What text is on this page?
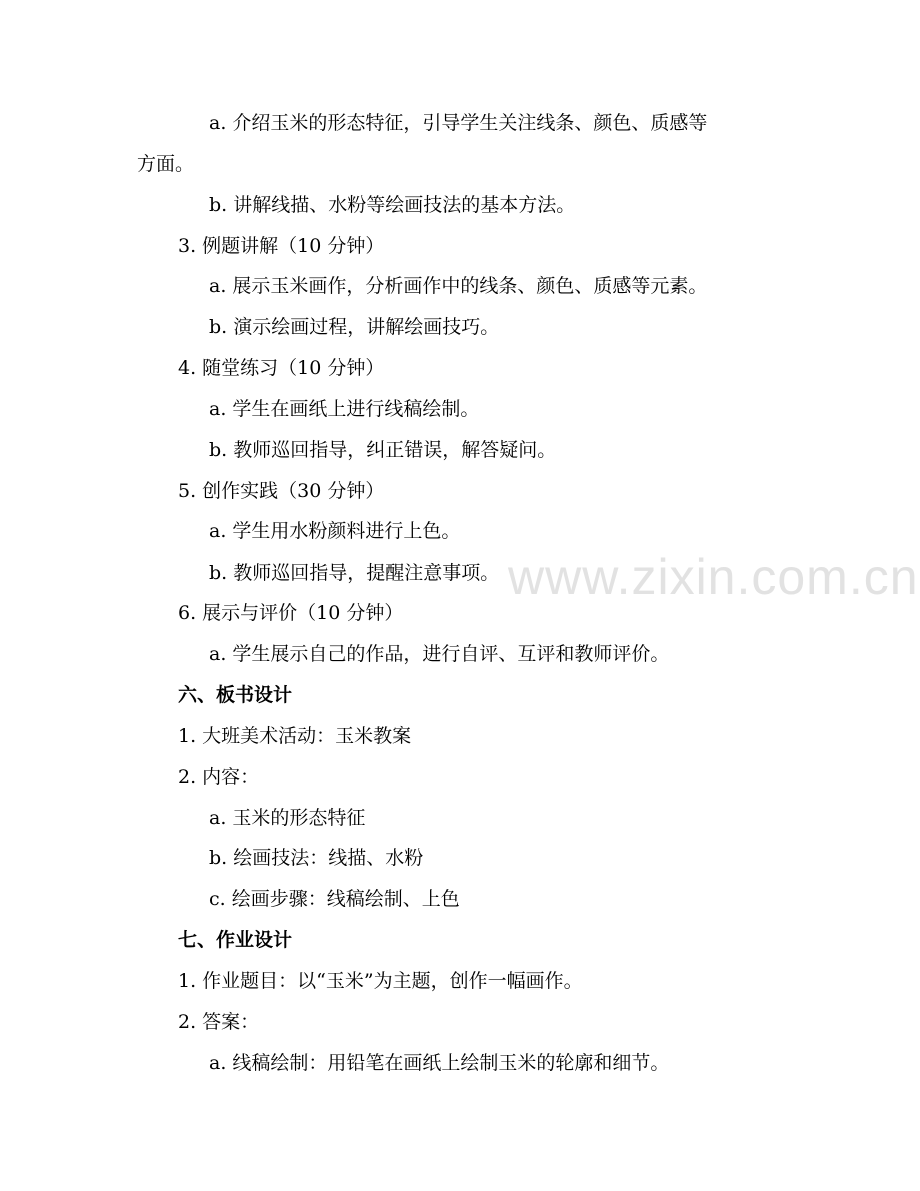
www.zixin.com.cn
a. 介绍玉米的形态特征，引导学生关注线条、颜色、质感等
方面。
b. 讲解线描、水粉等绘画技法的基本方法。
3. 例题讲解（10 分钟）
a. 展示玉米画作，分析画作中的线条、颜色、质感等元素。
b. 演示绘画过程，讲解绘画技巧。
4. 随堂练习（10 分钟）
a. 学生在画纸上进行线稿绘制。
b. 教师巡回指导，纠正错误，解答疑问。
5. 创作实践（30 分钟）
a. 学生用水粉颜料进行上色。
b. 教师巡回指导，提醒注意事项。
6. 展示与评价（10 分钟）
a. 学生展示自己的作品，进行自评、互评和教师评价。
六、板书设计
1. 大班美术活动：玉米教案
2. 内容：
a. 玉米的形态特征
b. 绘画技法：线描、水粉
c. 绘画步骤：线稿绘制、上色
七、作业设计
1. 作业题目：以“玉米”为主题，创作一幅画作。
2. 答案：
a. 线稿绘制：用铅笔在画纸上绘制玉米的轮廓和细节。
